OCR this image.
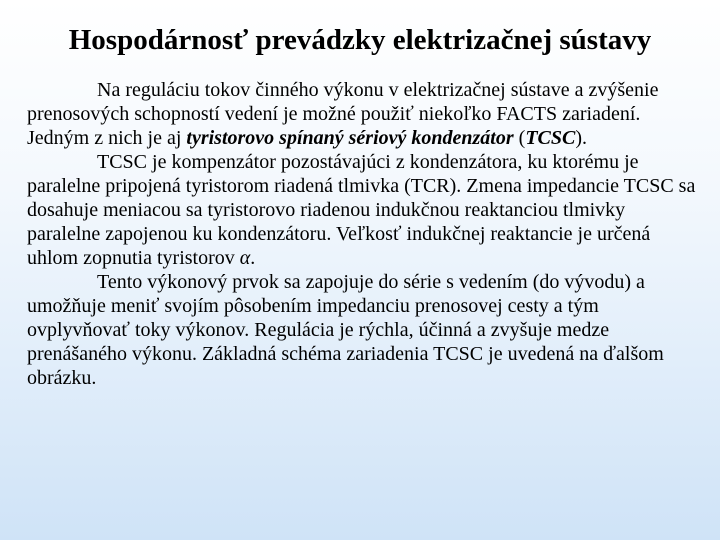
Hospodárnosť prevádzky elektrizačnej sústavy

Na reguláciu tokov činného výkonu v elektrizačnej sústave a zvýšenie prenosových schopností vedení je možné použiť niekoľko FACTS zariadení. Jedným z nich je aj tyristorovo spínaný sériový kondenzátor (TCSC).

TCSC je kompenzátor pozostávajúci z kondenzátora, ku ktorému je paralelne pripojená tyristorom riadená tlmivka (TCR). Zmena impedancie TCSC sa dosahuje meniacou sa tyristorovo riadenou indukčnou reaktanciou tlmivky paralelne zapojenou ku kondenzátoru. Veľkosť indukčnej reaktancie je určená uhlom zopnutia tyristorov α.

Tento výkonový prvok sa zapojuje do série s vedením (do vývodu) a umožňuje meniť svojím pôsobením impedanciu prenosovej cesty a tým ovplyvňovať toky výkonov. Regulácia je rýchla, účinná a zvyšuje medze prenášaného výkonu. Základná schéma zariadenia TCSC je uvedená na ďalšom obrázku.
